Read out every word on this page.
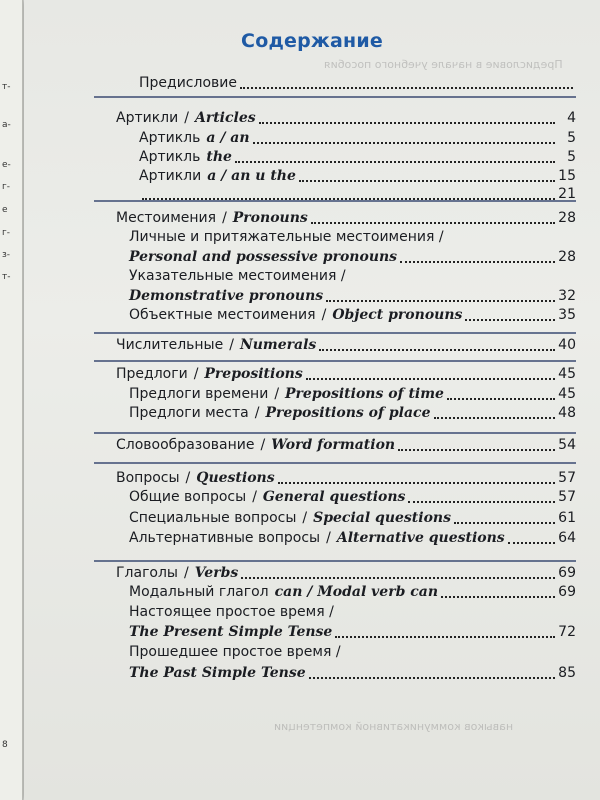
т-
а-
е-
г-
е
г-
з-
т-
8
Содержание
Предисловие
Артикли / Articles	4
Артикль a / an	5
Артикль the	5
Артикли a / an и the	15
21
Местоимения / Pronouns	28
Личные и притяжательные местоимения /
Personal and possessive pronouns	28
Указательные местоимения /
Demonstrative pronouns	32
Объектные местоимения / Object pronouns	35
Числительные / Numerals	40
Предлоги / Prepositions	45
Предлоги времени / Prepositions of time	45
Предлоги места / Prepositions of place	48
Словообразование / Word formation	54
Вопросы / Questions	57
Общие вопросы / General questions	57
Специальные вопросы / Special questions	61
Альтернативные вопросы / Alternative questions	64
Глаголы / Verbs	69
Модальный глагол can / Modal verb can	69
Настоящее простое время /
The Present Simple Tense	72
Прошедшее простое время /
The Past Simple Tense	85
Предисловие в начале учебного пособия
навыков коммуникативной компетенции
